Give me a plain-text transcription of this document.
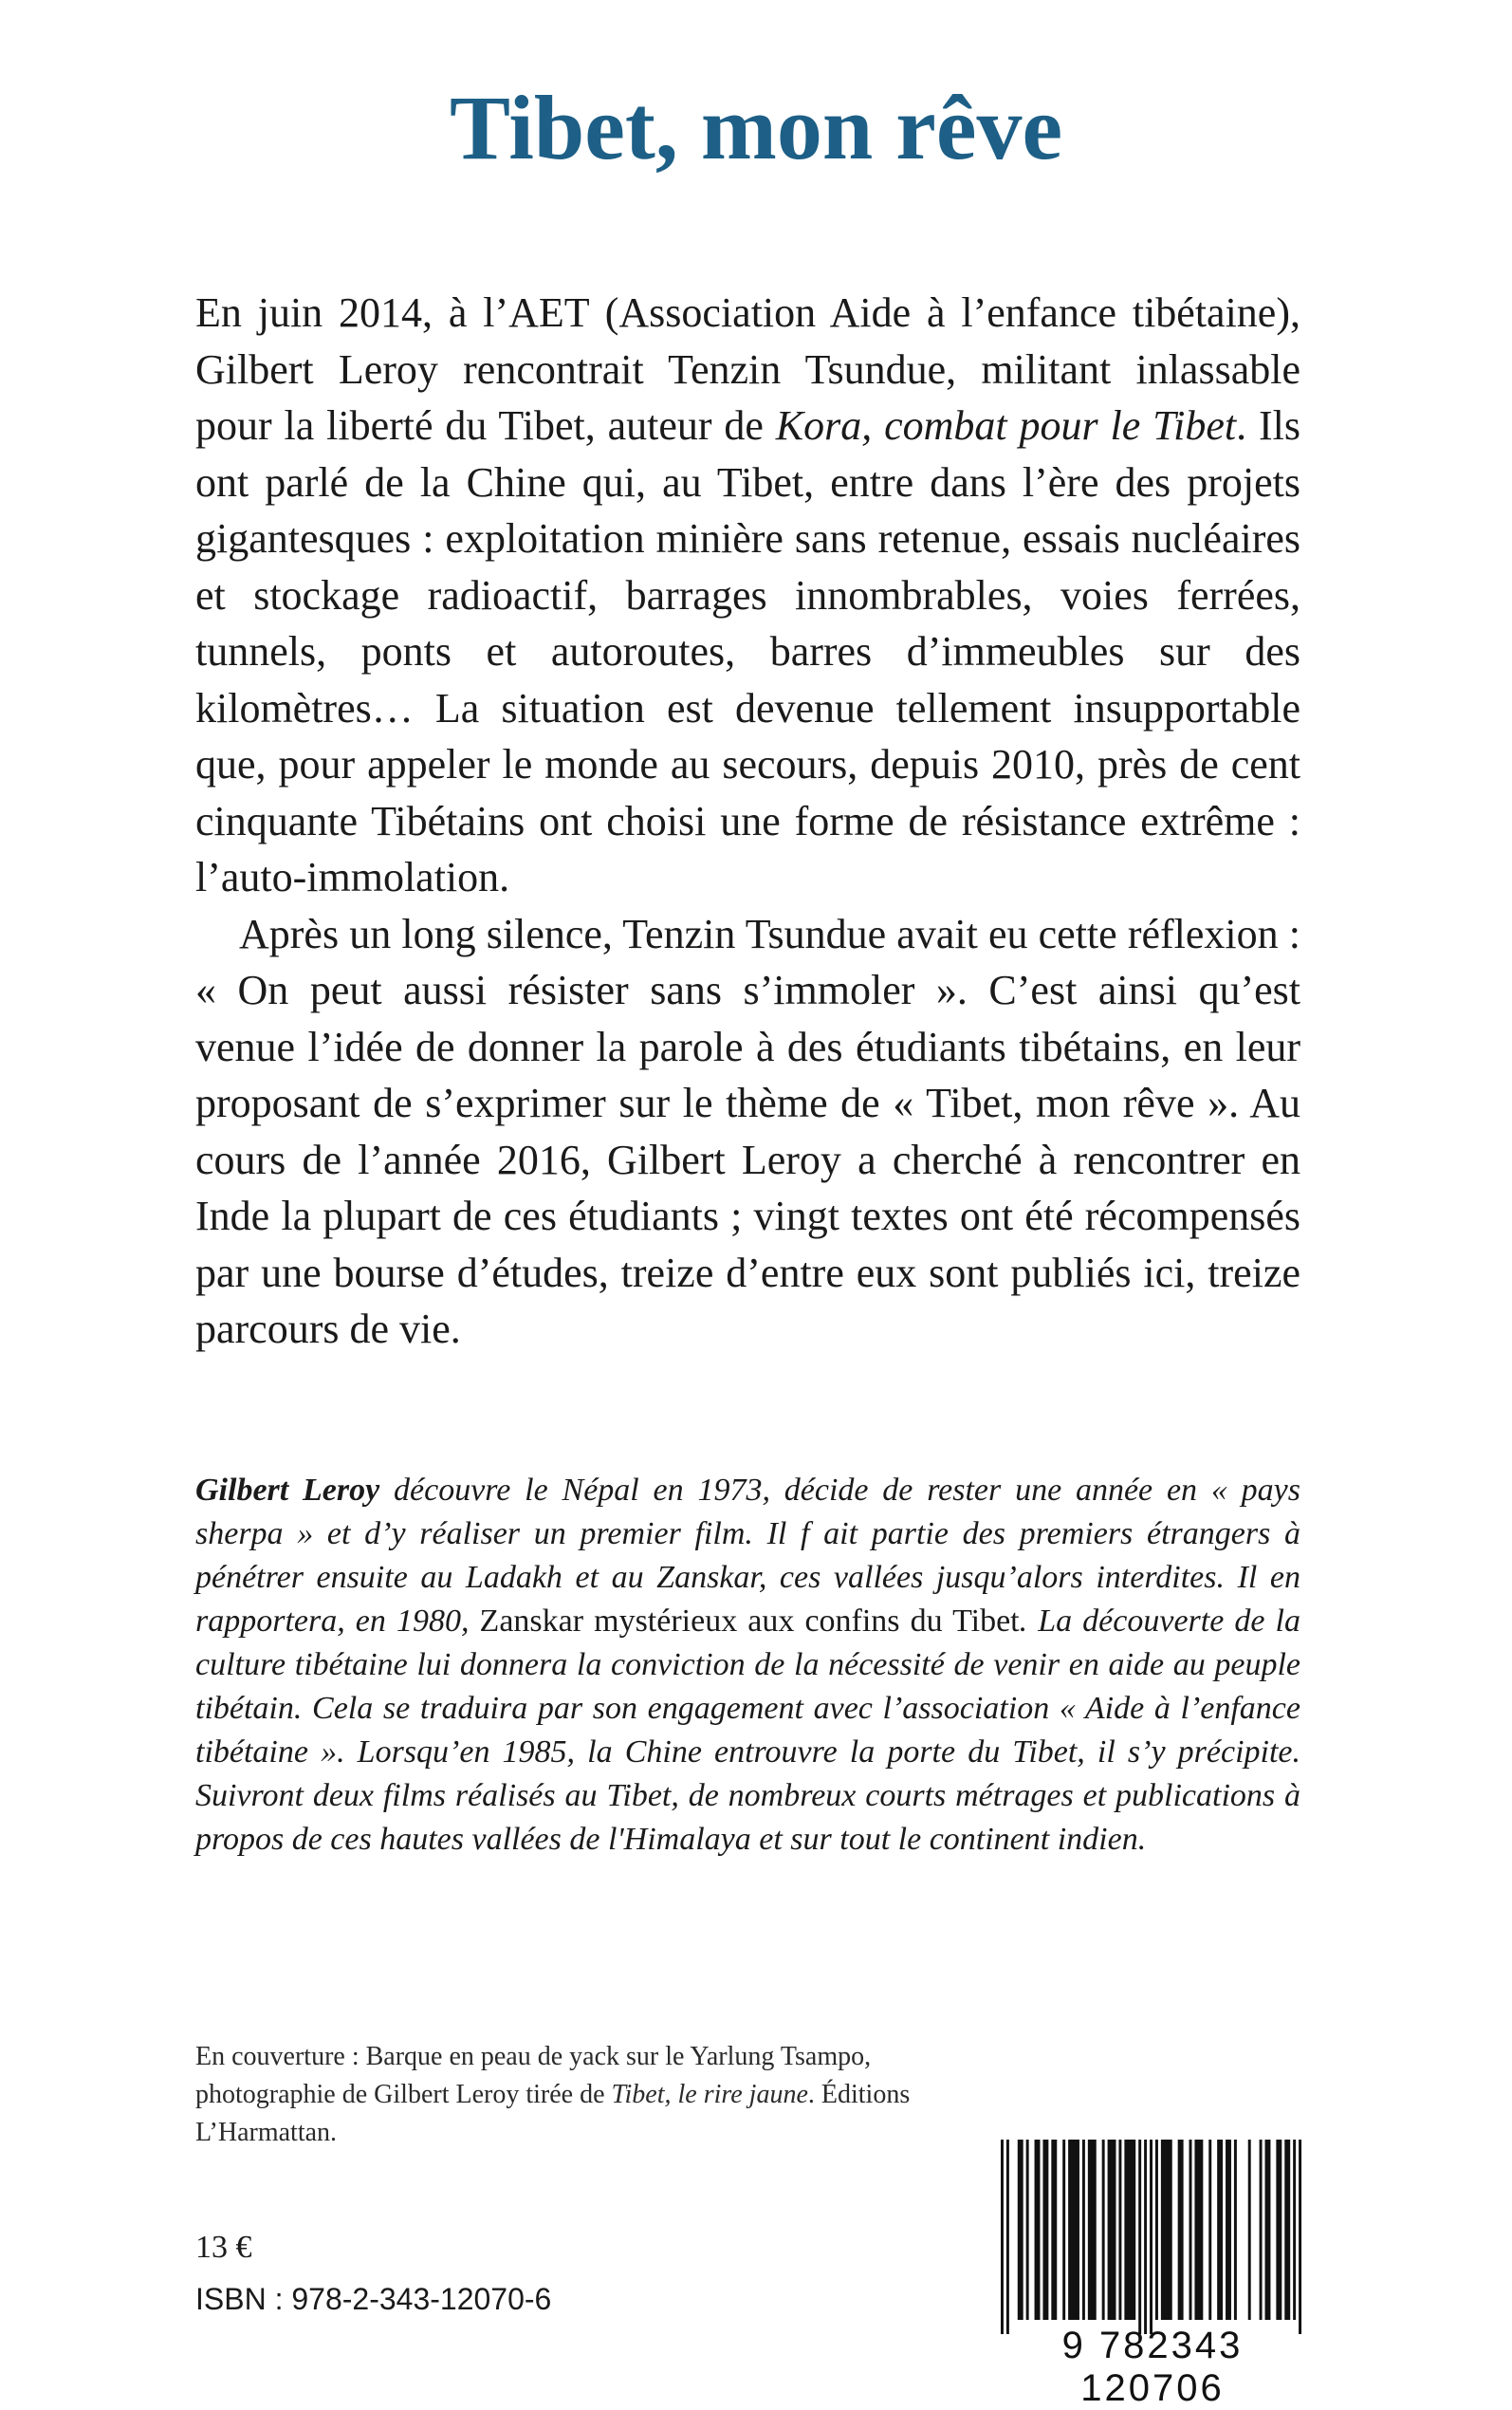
Tibet, mon rêve

En juin 2014, à l’AET (Association Aide à l’enfance tibétaine), Gilbert Leroy rencontrait Tenzin Tsundue, militant inlassable pour la liberté du Tibet, auteur de Kora, combat pour le Tibet. Ils ont parlé de la Chine qui, au Tibet, entre dans l’ère des projets gigantesques : exploitation minière sans retenue, essais nucléaires et stockage radioactif, barrages innombrables, voies ferrées, tunnels, ponts et autoroutes, barres d’immeubles sur des kilomètres… La situation est devenue tellement insupportable que, pour appeler le monde au secours, depuis 2010, près de cent cinquante Tibétains ont choisi une forme de résistance extrême : l’auto-immolation.

Après un long silence, Tenzin Tsundue avait eu cette réflexion : « On peut aussi résister sans s’immoler ». C’est ainsi qu’est venue l’idée de donner la parole à des étudiants tibétains, en leur proposant de s’exprimer sur le thème de « Tibet, mon rêve ». Au cours de l’année 2016, Gilbert Leroy a cherché à rencontrer en Inde la plupart de ces étudiants ; vingt textes ont été récompensés par une bourse d’études, treize d’entre eux sont publiés ici, treize parcours de vie.

Gilbert Leroy découvre le Népal en 1973, décide de rester une année en « pays sherpa » et d’y réaliser un premier film. Il f ait partie des premiers étrangers à pénétrer ensuite au Ladakh et au Zanskar, ces vallées jusqu’alors interdites. Il en rapportera, en 1980, Zanskar mystérieux aux confins du Tibet. La découverte de la culture tibétaine lui donnera la conviction de la nécessité de venir en aide au peuple tibétain. Cela se traduira par son engagement avec l’association « Aide à l’enfance tibétaine ». Lorsqu’en 1985, la Chine entrouvre la porte du Tibet, il s’y précipite. Suivront deux films réalisés au Tibet, de nombreux courts métrages et publications à propos de ces hautes vallées de l'Himalaya et sur tout le continent indien.
En couverture : Barque en peau de yack sur le Yarlung Tsampo, photographie de Gilbert Leroy tirée de Tibet, le rire jaune. Éditions L’Harmattan.
13 €
ISBN : 978-2-343-12070-6
9 782343 120706
